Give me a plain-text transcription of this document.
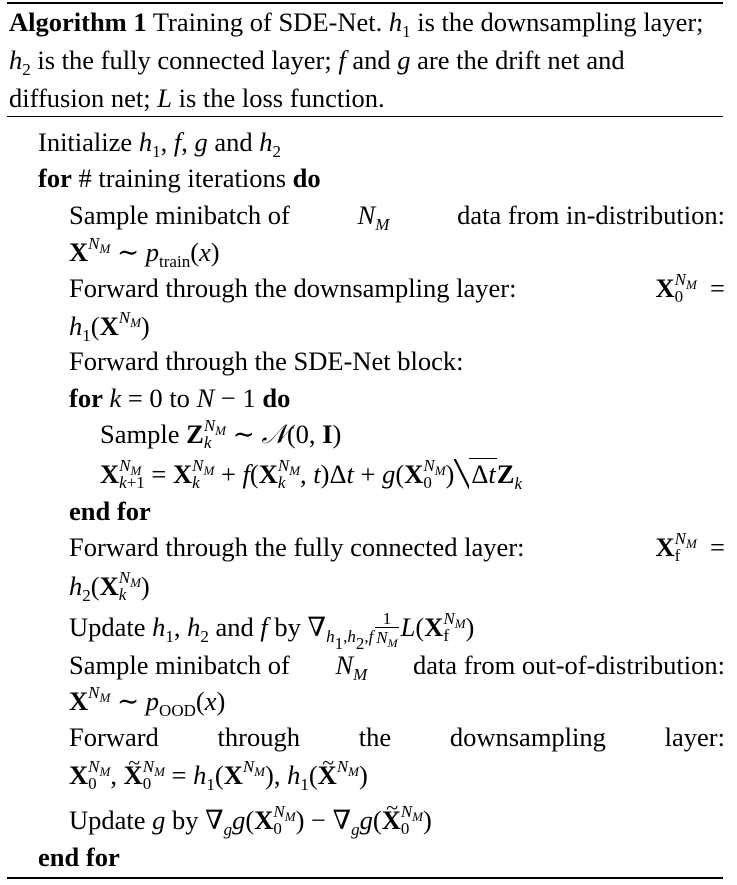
Algorithm 1 Training of SDE-Net. $h_1$ is the downsampling layer; $h_2$ is the fully connected layer; f and g are the drift net and diffusion net; L is the loss function.
Initialize $h_1$, f, g and $h_2$
for # training iterations do
Sample minibatch of	$N_M$	data from in-distribution:
$X^{N_M}$ ∼ $p_{train}(x)$
Forward through the downsampling layer:	X $N_M$
0 =
$h_1(X^{N_M})$
Forward through the SDE-Net block:
for k = 0 to N − 1 do
Sample Z $N_M$
k ∼ 𝒩(0, I)
X $N_M$
k+1 = X $N_M$
k + f(X $N_M$
k , t)Δt + g(X $N_M$
0 ) ΔtZ$_k$
end for
Forward through the fully connected layer:	X $N_M$
f =
$h_2(X$ $N_M$
k )
Update $h_1$, $h_2$ and f by $\nabla_{h_1,h_2,f} \frac{1}{N_M} L(X$ $N_M$
f )
Sample minibatch of $N_M$ data from out-of-distribution:
$X^{N_M}$ ∼ $p_{OOD}(x)$
Forward through the downsampling layer:
X $N_M$
0 , ~ X $N_M$
$0 = h_1(X^{N_M})$, $h_1(\sim$ $X^{N_M}$)
Update g by $\nabla_gg(X$ $N_M$
0 ) − $\nabla_gg(\sim$ X $N_M$
0 )
end for
